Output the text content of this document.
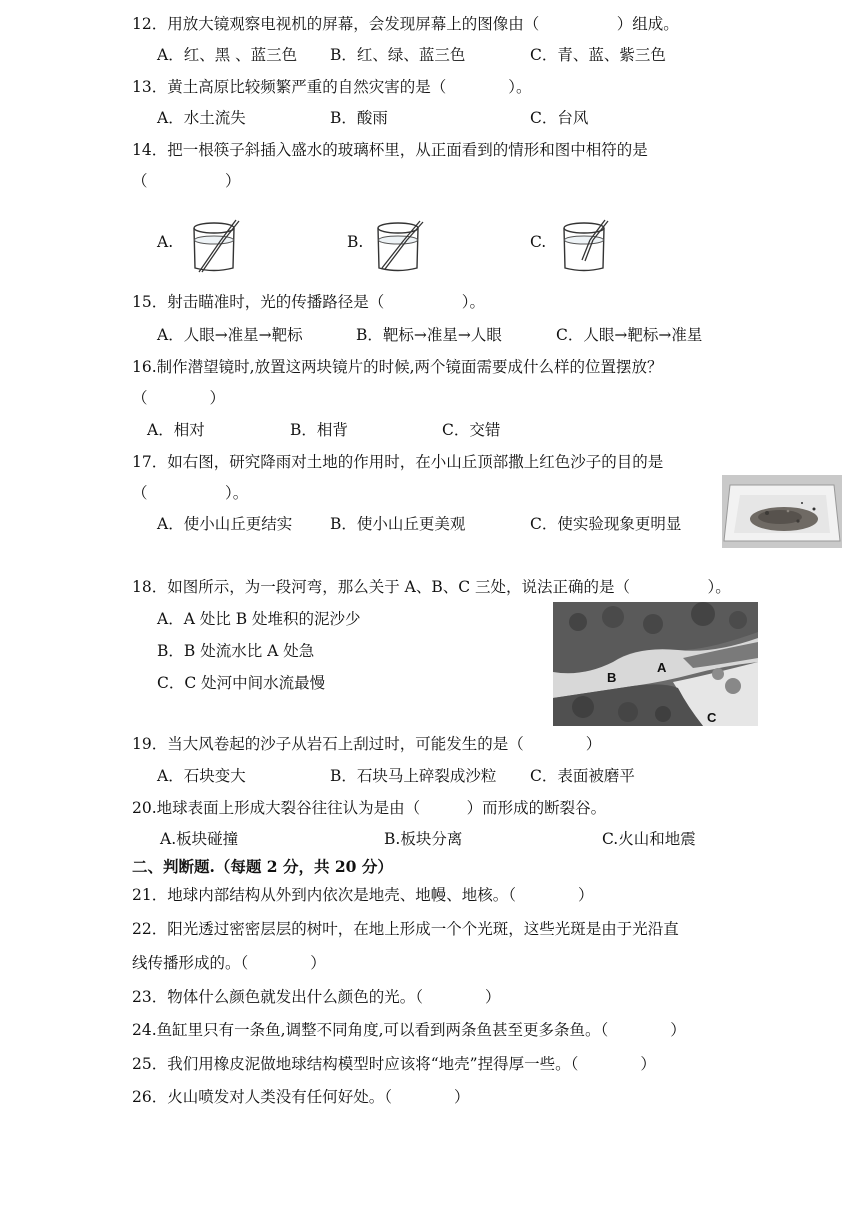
12．用放大镜观察电视机的屏幕，会发现屏幕上的图像由（　　　　　）组成。
A．红、黑 、蓝三色 B．红、绿、蓝三色	C．青、蓝、紫三色
13．黄土高原比较频繁严重的自然灾害的是（　　　　）。
A．水土流失	B．酸雨	C．台风
14．把一根筷子斜插入盛水的玻璃杯里，从正面看到的情形和图中相符的是
（　　　　　）
A.	B.	C.
15．射击瞄准时，光的传播路径是（　　　　　）。
A．人眼→准星→靶标	B．靶标→准星→人眼	C．人眼→靶标→准星
16.制作潜望镜时,放置这两块镜片的时候,两个镜面需要成什么样的位置摆放？
（　　　　）
A．相对	B．相背	C．交错
17．如右图，研究降雨对土地的作用时，在小山丘顶部撒上红色沙子的目的是
（　　　　　）。
A．使小山丘更结实 B．使小山丘更美观	C．使实验现象更明显
18．如图所示，为一段河弯，那么关于 A、B、C 三处，说法正确的是（　　　　　）。
A．A 处比 B 处堆积的泥沙少
B．B 处流水比 A 处急
C．C 处河中间水流最慢
A
B
C
19．当大风卷起的沙子从岩石上刮过时，可能发生的是（　　　　）
A．石块变大	B．石块马上碎裂成沙粒 C．表面被磨平
20.地球表面上形成大裂谷往往认为是由（　　　）而形成的断裂谷。
A.板块碰撞	B.板块分离	C.火山和地震
二、判断题.（每题 2 分，共 20 分）
21．地球内部结构从外到内依次是地壳、地幔、地核。（　　　　）
22．阳光透过密密层层的树叶，在地上形成一个个光斑，这些光斑是由于光沿直
线传播形成的。（　　　　）
23．物体什么颜色就发出什么颜色的光。（　　　　）
24.鱼缸里只有一条鱼,调整不同角度,可以看到两条鱼甚至更多条鱼。（　　　　）
25．我们用橡皮泥做地球结构模型时应该将“地壳”捏得厚一些。（　　　　）
26．火山喷发对人类没有任何好处。（　　　　）
